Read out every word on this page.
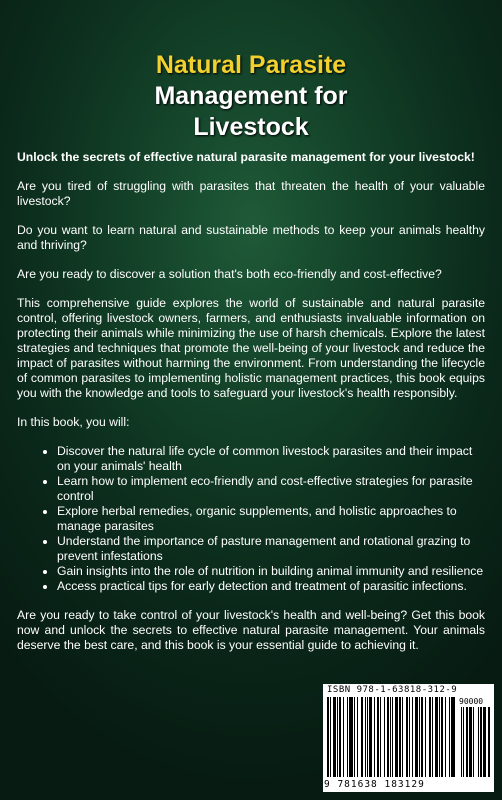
Natural Parasite
Management for
Livestock

Unlock the secrets of effective natural parasite management for your livestock!

Are you tired of struggling with parasites that threaten the health of your valuable livestock?

Do you want to learn natural and sustainable methods to keep your animals healthy and thriving?

Are you ready to discover a solution that's both eco-friendly and cost-effective?

This comprehensive guide explores the world of sustainable and natural parasite control, offering livestock owners, farmers, and enthusiasts invaluable information on protecting their animals while minimizing the use of harsh chemicals. Explore the latest strategies and techniques that promote the well-being of your livestock and reduce the impact of parasites without harming the environment. From understanding the lifecycle of common parasites to implementing holistic management practices, this book equips you with the knowledge and tools to safeguard your livestock's health responsibly.

In this book, you will:

• Discover the natural life cycle of common livestock parasites and their impact on your animals' health
• Learn how to implement eco-friendly and cost-effective strategies for parasite control
• Explore herbal remedies, organic supplements, and holistic approaches to manage parasites
• Understand the importance of pasture management and rotational grazing to prevent infestations
• Gain insights into the role of nutrition in building animal immunity and resilience
• Access practical tips for early detection and treatment of parasitic infections.

Are you ready to take control of your livestock's health and well-being? Get this book now and unlock the secrets to effective natural parasite management. Your animals deserve the best care, and this book is your essential guide to achieving it.

ISBN 978-1-63818-312-9
90000
9 781638 183129
